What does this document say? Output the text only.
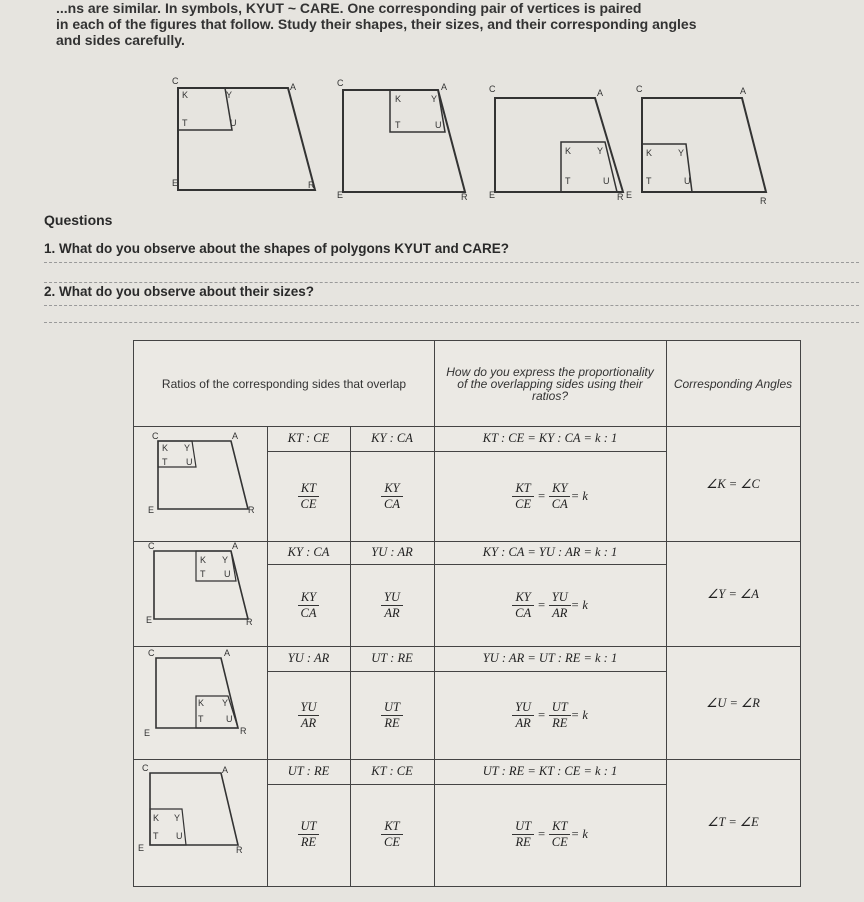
...ns are similar. In symbols, KYUT ~ CARE. One corresponding pair of vertices is paired
in each of the figures that follow. Study their shapes, their sizes, and their corresponding angles
and sides carefully.
C
A
E	R
K	Y
T	U
C	A
E	R
K	Y
T	U
C	A
E	R
K	Y
T	U
C	A
E
R
K	Y
T	U
Questions
1. What do you observe about the shapes of polygons KYUT and CARE?
2. What do you observe about their sizes?
Ratios of the corresponding sides that overlap
How do you express the proportionality of the overlapping sides using their ratios?
Corresponding Angles
C	A
E	R
K Y
T U
KT : CE	KY : CA
$\frac{KT}{CE}$	$\frac{KY}{CA}$
KT : CE = KY : CA = k : 1
$\frac{KT}{CE} = \frac{KY}{CA} = k$
∠K = ∠C
C	A
E	R
K Y
T U
KY : CA	YU : AR
$\frac{KY}{CA}$	$\frac{YU}{AR}$
KY : CA = YU : AR = k : 1
$\frac{KY}{CA} = \frac{YU}{AR} = k$
∠Y = ∠A
C	A
E	R
K Y
T	U
YU : AR	UT : RE
$\frac{YU}{AR}$	$\frac{UT}{RE}$
YU : AR = UT : RE = k : 1
$\frac{YU}{AR} = \frac{UT}{RE} = k$
∠U = ∠R
C	A
E	R
K Y
T U
UT : RE	KT : CE
$\frac{UT}{RE}$	$\frac{KT}{CE}$
UT : RE = KT : CE = k : 1
$\frac{UT}{RE} = \frac{KT}{CE} = k$
∠T = ∠E
